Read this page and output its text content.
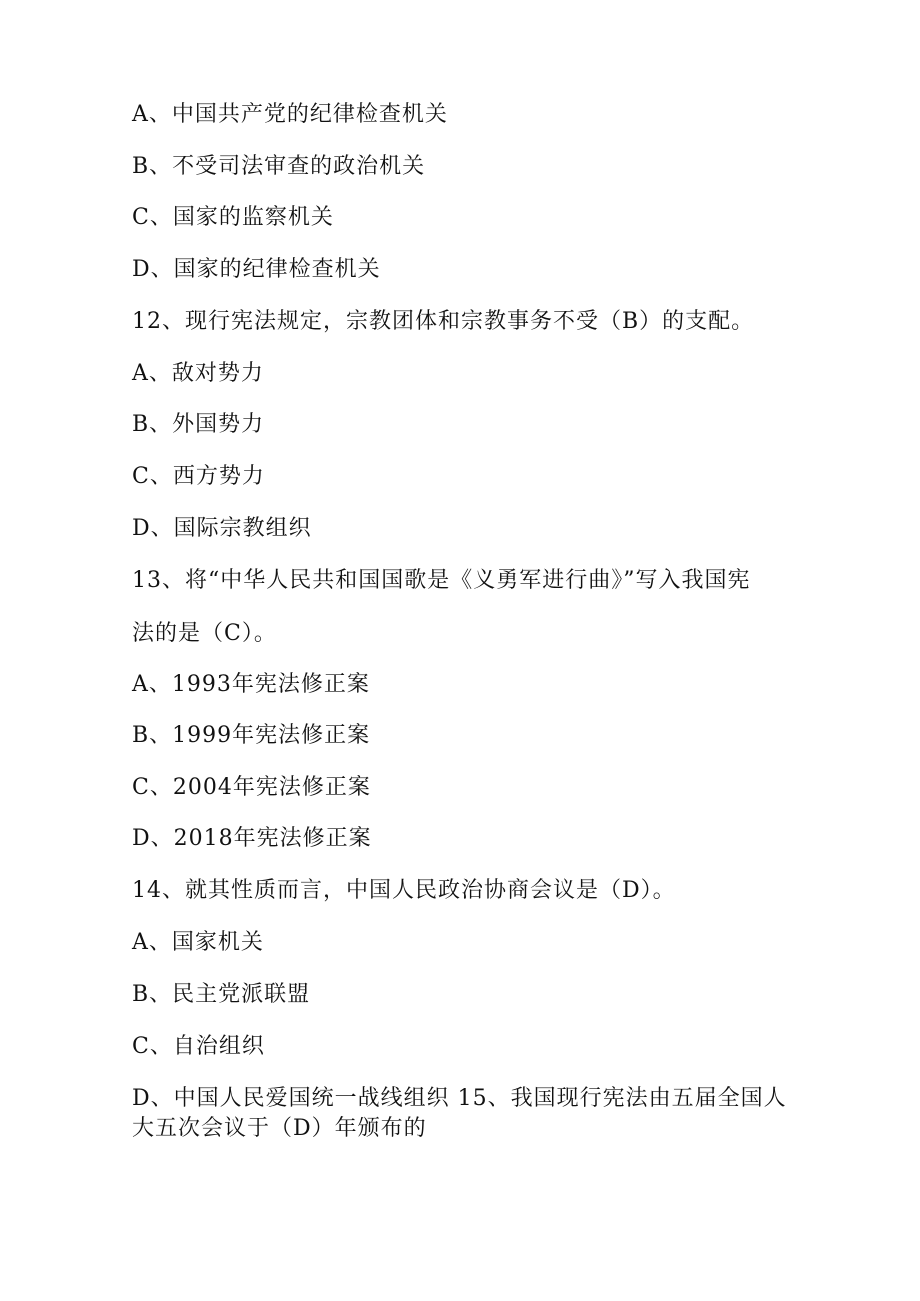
A、中国共产党的纪律检查机关
B、不受司法审查的政治机关
C、国家的监察机关
D、国家的纪律检查机关
12、现行宪法规定，宗教团体和宗教事务不受（B）的支配。
A、敌对势力
B、外国势力
C、西方势力
D、国际宗教组织
13、将“中华人民共和国国歌是《义勇军进行曲》”写入我国宪
法的是（C）。
A、1993年宪法修正案
B、1999年宪法修正案
C、2004年宪法修正案
D、2018年宪法修正案
14、就其性质而言，中国人民政治协商会议是（D）。
A、国家机关
B、民主党派联盟
C、自治组织
D、中国人民爱国统一战线组织 15、我国现行宪法由五届全国人
大五次会议于（D）年颁布的
